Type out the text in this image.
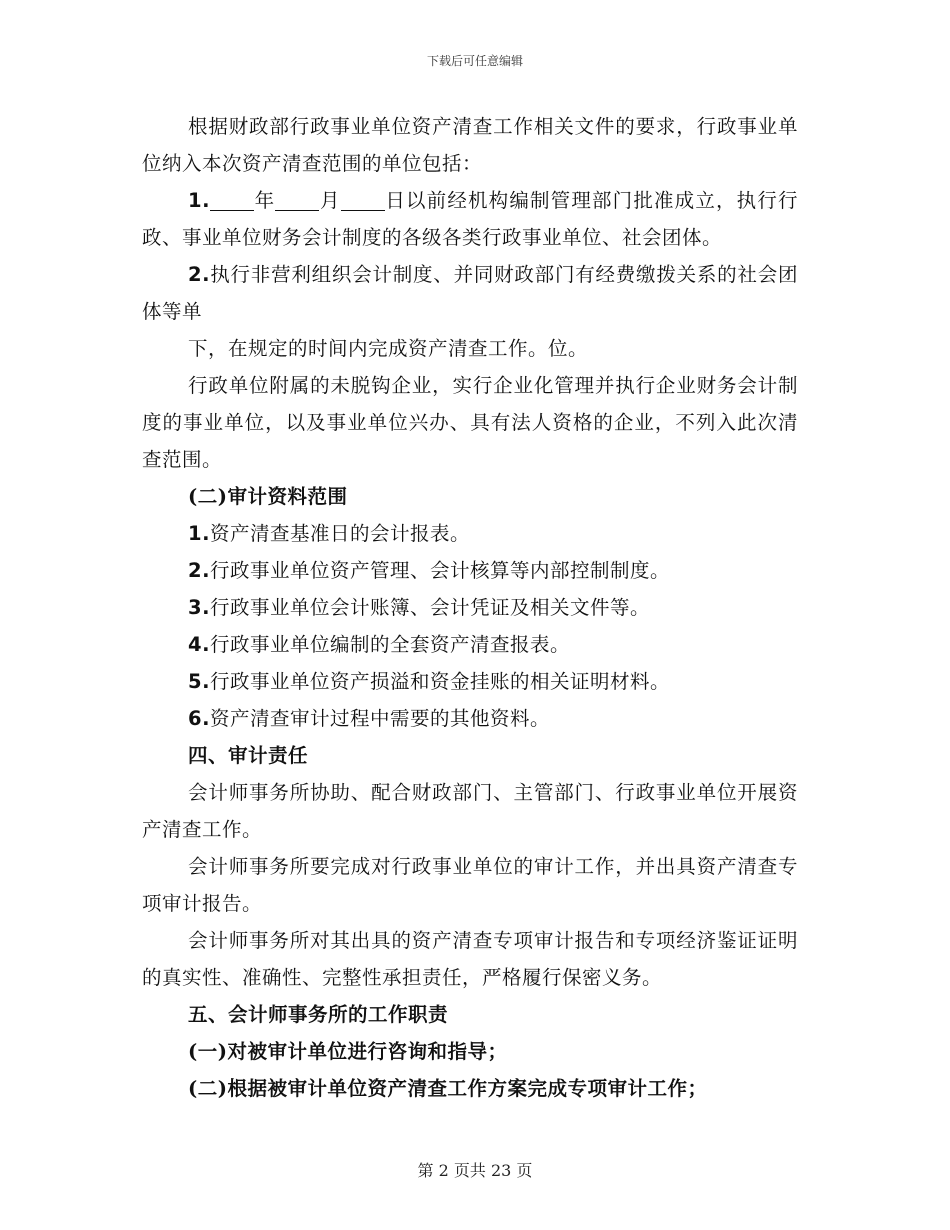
下载后可任意编辑

根据财政部行政事业单位资产清查工作相关文件的要求，行政事业单位纳入本次资产清查范围的单位包括：

1. 年 月 日以前经机构编制管理部门批准成立，执行行政、事业单位财务会计制度的各级各类行政事业单位、社会团体。

2.执行非营利组织会计制度、并同财政部门有经费缴拨关系的社会团体等单

下，在规定的时间内完成资产清查工作。位。

行政单位附属的未脱钩企业，实行企业化管理并执行企业财务会计制度的事业单位，以及事业单位兴办、具有法人资格的企业，不列入此次清查范围。

(二)审计资料范围

1.资产清查基准日的会计报表。

2.行政事业单位资产管理、会计核算等内部控制制度。

3.行政事业单位会计账簿、会计凭证及相关文件等。

4.行政事业单位编制的全套资产清查报表。

5.行政事业单位资产损溢和资金挂账的相关证明材料。

6.资产清查审计过程中需要的其他资料。

四、审计责任

会计师事务所协助、配合财政部门、主管部门、行政事业单位开展资产清查工作。

会计师事务所要完成对行政事业单位的审计工作，并出具资产清查专项审计报告。

会计师事务所对其出具的资产清查专项审计报告和专项经济鉴证证明的真实性、准确性、完整性承担责任，严格履行保密义务。

五、会计师事务所的工作职责

(一)对被审计单位进行咨询和指导；

(二)根据被审计单位资产清查工作方案完成专项审计工作；

第 2 页共 23 页
